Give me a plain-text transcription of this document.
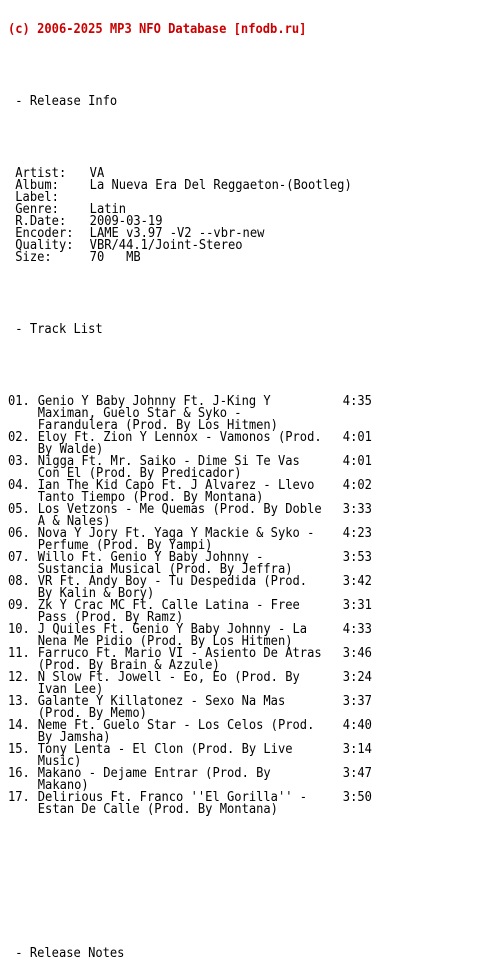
(c) 2006-2025 MP3 NFO Database [nfodb.ru]

- Release Info

Artist: VA
Album: La Nueva Era Del Reggaeton-(Bootleg)
Label:
Genre: Latin
R.Date: 2009-03-19
Encoder: LAME v3.97 -V2 --vbr-new
Quality: VBR/44.1/Joint-Stereo
Size:	70   MB

- Track List

01. Genio Y Baby Johnny Ft. J-King Y	4:35
Maximan, Guelo Star & Syko -
Farandulera (Prod. By Los Hitmen)
02. Eloy Ft. Zion Y Lennox - Vamonos (Prod. 4:01
By Walde)
03. Nigga Ft. Mr. Saiko - Dime Si Te Vas	4:01
Con El (Prod. By Predicador)
04. Ian The Kid Capo Ft. J Alvarez - Llevo 4:02
Tanto Tiempo (Prod. By Montana)
05. Los Vetzons - Me Quemas (Prod. By Doble 3:33
A & Nales)
06. Nova Y Jory Ft. Yaga Y Mackie & Syko - 4:23
Perfume (Prod. By Yampi)
07. Willo Ft. Genio Y Baby Johnny -	3:53
Sustancia Musical (Prod. By Jeffra)
08. VR Ft. Andy Boy - Tu Despedida (Prod.	3:42
By Kalin & Bory)
09. Zk Y Crac MC Ft. Calle Latina - Free	3:31
Pass (Prod. By Ramz)
10. J Quiles Ft. Genio Y Baby Johnny - La	4:33
Nena Me Pidio (Prod. By Los Hitmen)
11. Farruco Ft. Mario VI - Asiento De Atras 3:46
(Prod. By Brain & Azzule)
12. N Slow Ft. Jowell - Eo, Eo (Prod. By	3:24
Ivan Lee)
13. Galante Y Killatonez - Sexo Na Mas	3:37
(Prod. By Memo)
14. Neme Ft. Guelo Star - Los Celos (Prod. 4:40
By Jamsha)
15. Tony Lenta - El Clon (Prod. By Live	3:14
Music)
16. Makano - Dejame Entrar (Prod. By	3:47
Makano)
17. Delirious Ft. Franco ''El Gorilla'' -	3:50
Estan De Calle (Prod. By Montana)

- Release Notes
